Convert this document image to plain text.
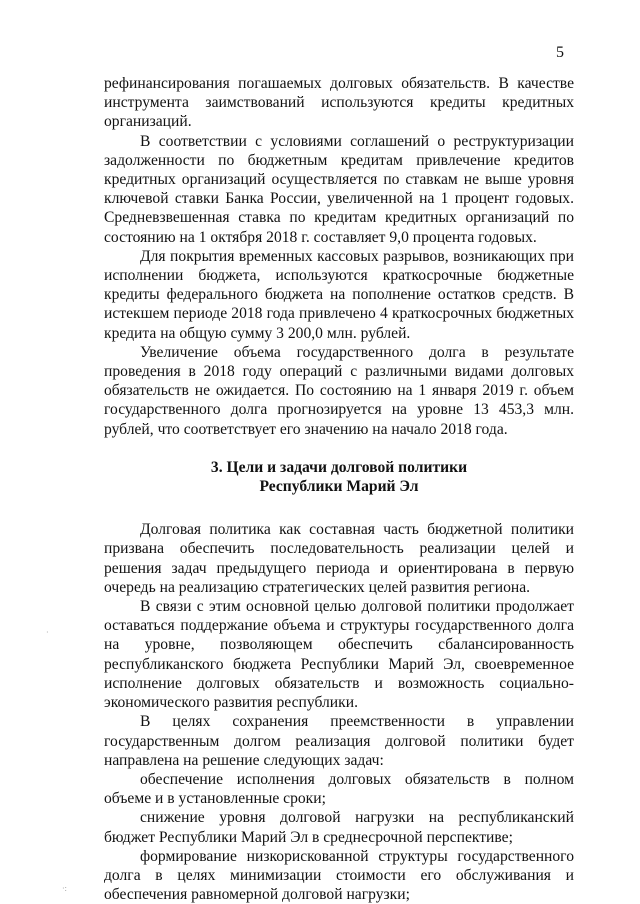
5

рефинансирования погашаемых долговых обязательств. В качестве инструмента заимствований используются кредиты кредитных организаций.

В соответствии с условиями соглашений о реструктуризации задолженности по бюджетным кредитам привлечение кредитов кредитных организаций осуществляется по ставкам не выше уровня ключевой ставки Банка России, увеличенной на 1 процент годовых. Средневзвешенная ставка по кредитам кредитных организаций по состоянию на 1 октября 2018 г. составляет 9,0 процента годовых.

Для покрытия временных кассовых разрывов, возникающих при исполнении бюджета, используются краткосрочные бюджетные кредиты федерального бюджета на пополнение остатков средств. В истекшем периоде 2018 года привлечено 4 краткосрочных бюджетных кредита на общую сумму 3 200,0 млн. рублей.

Увеличение объема государственного долга в результате проведения в 2018 году операций с различными видами долговых обязательств не ожидается. По состоянию на 1 января 2019 г. объем государственного долга прогнозируется на уровне 13 453,3 млн. рублей, что соответствует его значению на начало 2018 года.

3. Цели и задачи долговой политики
Республики Марий Эл

Долговая политика как составная часть бюджетной политики призвана обеспечить последовательность реализации целей и решения задач предыдущего периода и ориентирована в первую очередь на реализацию стратегических целей развития региона.

В связи с этим основной целью долговой политики продолжает оставаться поддержание объема и структуры государственного долга на уровне, позволяющем обеспечить сбалансированность республиканского бюджета Республики Марий Эл, своевременное исполнение долговых обязательств и возможность социально-экономического развития республики.

В целях сохранения преемственности в управлении государственным долгом реализация долговой политики будет направлена на решение следующих задач:

обеспечение исполнения долговых обязательств в полном объеме и в установленные сроки;

снижение уровня долговой нагрузки на республиканский бюджет Республики Марий Эл в среднесрочной перспективе;

формирование низкорискованной структуры государственного долга в целях минимизации стоимости его обслуживания и обеспечения равномерной долговой нагрузки;

·
·:
